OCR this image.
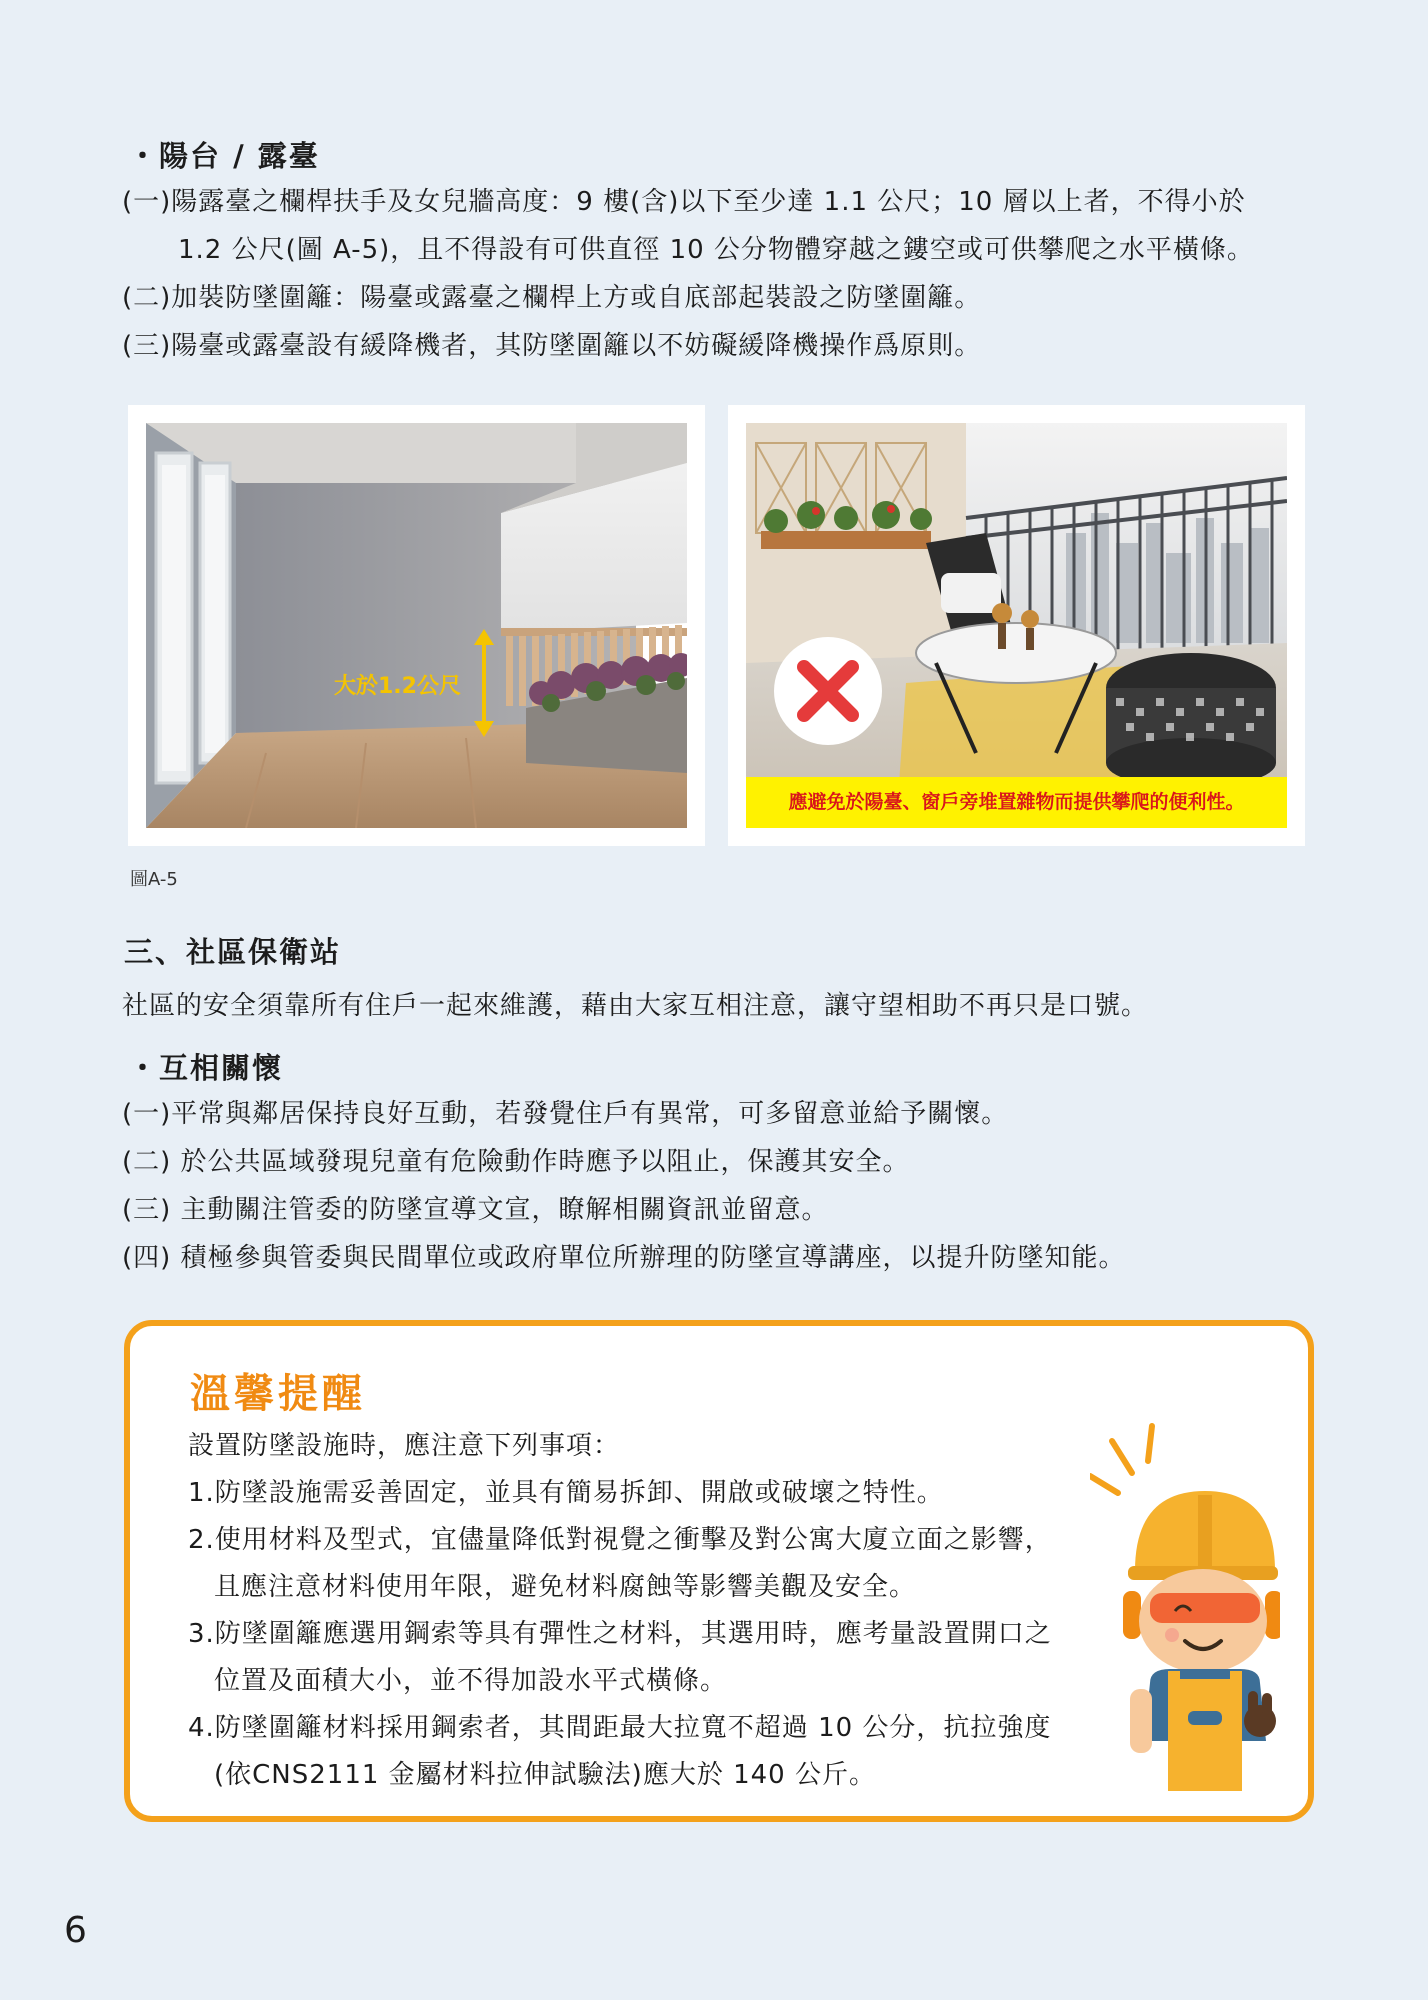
・陽台 / 露臺
(一)陽露臺之欄桿扶手及女兒牆高度：9 樓(含)以下至少達 1.1 公尺；10 層以上者，不得小於
1.2 公尺(圖 A-5)，且不得設有可供直徑 10 公分物體穿越之鏤空或可供攀爬之水平橫條。
(二)加裝防墜圍籬：陽臺或露臺之欄桿上方或自底部起裝設之防墜圍籬。
(三)陽臺或露臺設有緩降機者，其防墜圍籬以不妨礙緩降機操作爲原則。
大於1.2公尺
應避免於陽臺、窗戶旁堆置雜物而提供攀爬的便利性。
圖A-5
三、社區保衛站
社區的安全須靠所有住戶一起來維護，藉由大家互相注意，讓守望相助不再只是口號。
・互相關懷
(一)平常與鄰居保持良好互動，若發覺住戶有異常，可多留意並給予關懷。
(二) 於公共區域發現兒童有危險動作時應予以阻止，保護其安全。
(三) 主動關注管委的防墜宣導文宣，瞭解相關資訊並留意。
(四) 積極參與管委與民間單位或政府單位所辦理的防墜宣導講座，以提升防墜知能。
溫馨提醒
設置防墜設施時，應注意下列事項：
1.防墜設施需妥善固定，並具有簡易拆卸、開啟或破壞之特性。
2.使用材料及型式，宜儘量降低對視覺之衝擊及對公寓大廈立面之影響，
且應注意材料使用年限，避免材料腐蝕等影響美觀及安全。
3.防墜圍籬應選用鋼索等具有彈性之材料，其選用時，應考量設置開口之
位置及面積大小，並不得加設水平式橫條。
4.防墜圍籬材料採用鋼索者，其間距最大拉寬不超過 10 公分，抗拉強度
(依CNS2111 金屬材料拉伸試驗法)應大於 140 公斤。
6
